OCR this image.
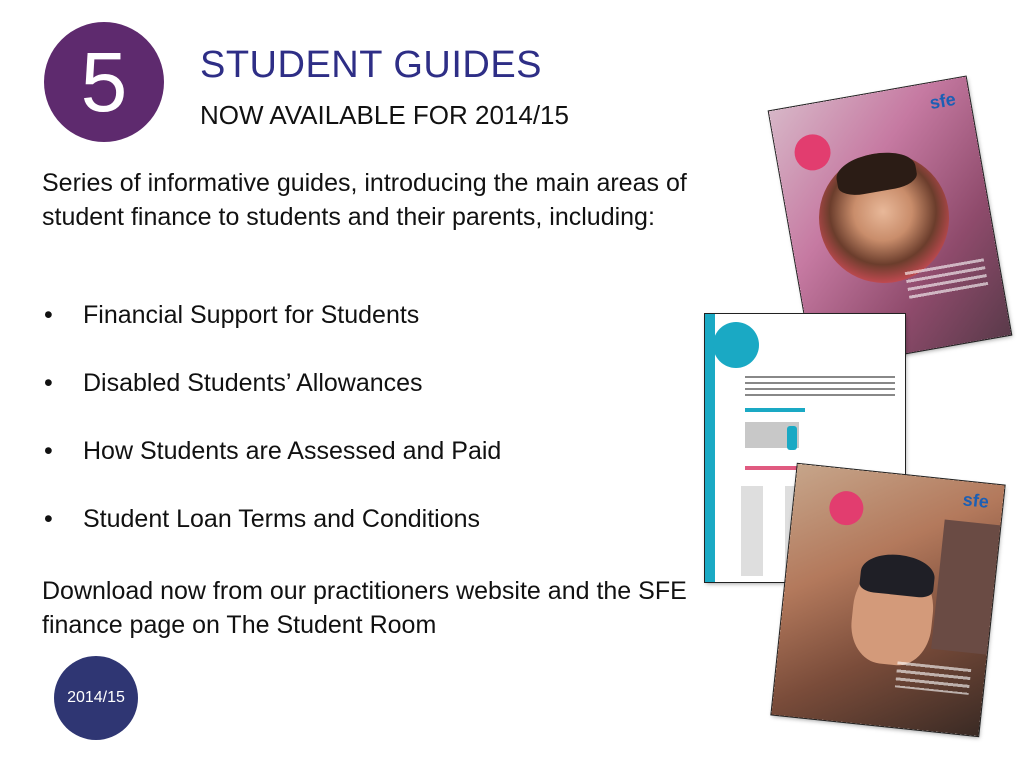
5	STUDENT GUIDES
NOW AVAILABLE FOR 2014/15

Series of informative guides, introducing the main areas of student finance to students and their parents, including:

• Financial Support for Students
• Disabled Students’ Allowances
• How Students are Assessed and Paid
• Student Loan Terms and Conditions

Download now from our practitioners website and the SFE finance page on The Student Room

2014/15
sfe
sfe
